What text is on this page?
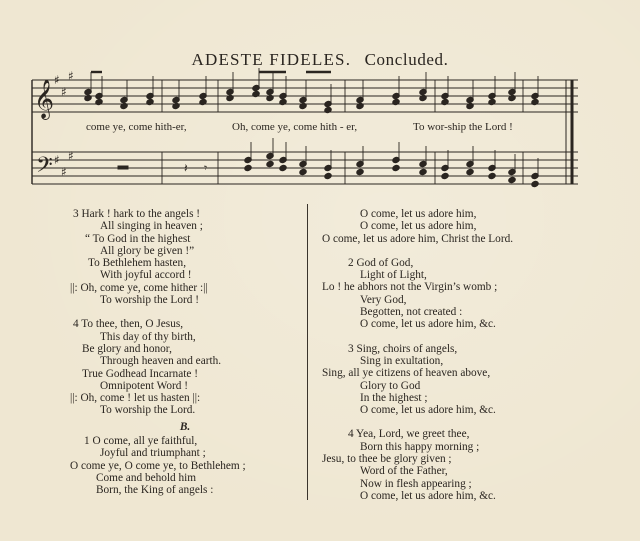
ADESTE FIDELES. Concluded.
𝄞
𝄢
♯
♯
♯
♯
♯
♯
𝄽 𝄾
come ye, come hith-er,	Oh, come ye, come hith - er,	To wor-ship the Lord !
3 Hark ! hark to the angels !
All singing in heaven ;
“ To God in the highest
All glory be given !”
To Bethlehem hasten,
With joyful accord !
||: Oh, come ye, come hither :||
To worship the Lord !
4 To thee, then, O Jesus,
This day of thy birth,
Be glory and honor,
Through heaven and earth.
True Godhead Incarnate !
Omnipotent Word !
||: Oh, come ! let us hasten ||:
To worship the Lord.
B.
1 O come, all ye faithful,
Joyful and triumphant ;
O come ye, O come ye, to Bethlehem ;
Come and behold him
Born, the King of angels :
O come, let us adore him,
O come, let us adore him,
O come, let us adore him, Christ the Lord.
2 God of God,
Light of Light,
Lo ! he abhors not the Virgin’s womb ;
Very God,
Begotten, not created :
O come, let us adore him, &c.
3 Sing, choirs of angels,
Sing in exultation,
Sing, all ye citizens of heaven above,
Glory to God
In the highest ;
O come, let us adore him, &c.
4 Yea, Lord, we greet thee,
Born this happy morning ;
Jesu, to thee be glory given ;
Word of the Father,
Now in flesh appearing ;
O come, let us adore him, &c.
